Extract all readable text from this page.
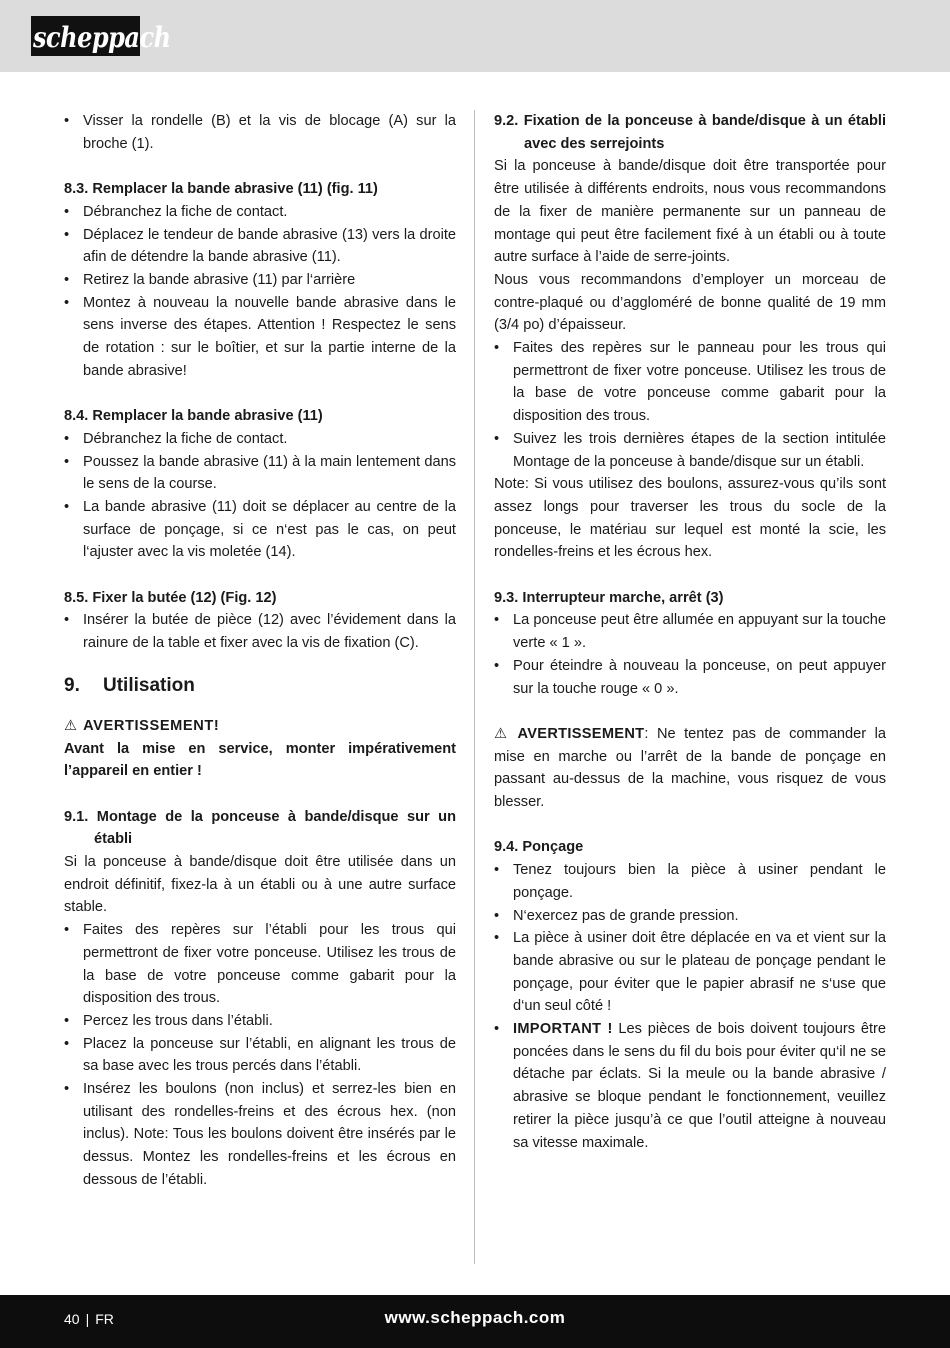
scheppach

• Visser la rondelle (B) et la vis de blocage (A) sur la broche (1).

8.3. Remplacer la bande abrasive (11) (fig. 11)

• Débranchez la fiche de contact.

• Déplacez le tendeur de bande abrasive (13) vers la droite afin de détendre la bande abrasive (11).

• Retirez la bande abrasive (11) par l‘arrière

• Montez à nouveau la nouvelle bande abrasive dans le sens inverse des étapes. Attention ! Respectez le sens de rotation : sur le boîtier, et sur la partie interne de la bande abrasive!

8.4. Remplacer la bande abrasive (11)

• Débranchez la fiche de contact.

• Poussez la bande abrasive (11) à la main lentement dans le sens de la course.

• La bande abrasive (11) doit se déplacer au centre de la surface de ponçage, si ce n‘est pas le cas, on peut l‘ajuster avec la vis moletée (14).

8.5. Fixer la butée (12) (Fig. 12)

• Insérer la butée de pièce (12) avec l’évidement dans la rainure de la table et fixer avec la vis de fixation (C).

9. Utilisation

⚠ AVERTISSEMENT!

Avant la mise en service, monter impérativement l’appareil en entier !

9.1. Montage de la ponceuse à bande/disque sur un établi

Si la ponceuse à bande/disque doit être utilisée dans un endroit définitif, fixez-la à un établi ou à une autre surface stable.

• Faites des repères sur l’établi pour les trous qui permettront de fixer votre ponceuse. Utilisez les trous de la base de votre ponceuse comme gabarit pour la disposition des trous.

• Percez les trous dans l’établi.

• Placez la ponceuse sur l’établi, en alignant les trous de sa base avec les trous percés dans l’établi.

• Insérez les boulons (non inclus) et serrez-les bien en utilisant des rondelles-freins et des écrous hex. (non inclus). Note: Tous les boulons doivent être insérés par le dessus. Montez les rondelles-freins et les écrous en dessous de l’établi.

9.2. Fixation de la ponceuse à bande/disque à un établi avec des serrejoints

Si la ponceuse à bande/disque doit être transportée pour être utilisée à différents endroits, nous vous recommandons de la fixer de manière permanente sur un panneau de montage qui peut être facilement fixé à un établi ou à toute autre surface à l’aide de serre-joints.

Nous vous recommandons d’employer un morceau de contre-plaqué ou d’aggloméré de bonne qualité de 19 mm (3/4 po) d’épaisseur.

• Faites des repères sur le panneau pour les trous qui permettront de fixer votre ponceuse. Utilisez les trous de la base de votre ponceuse comme gabarit pour la disposition des trous.

• Suivez les trois dernières étapes de la section intitulée Montage de la ponceuse à bande/disque sur un établi.

Note: Si vous utilisez des boulons, assurez-vous qu’ils sont assez longs pour traverser les trous du socle de la ponceuse, le matériau sur lequel est monté la scie, les rondelles-freins et les écrous hex.

9.3. Interrupteur marche, arrêt (3)

• La ponceuse peut être allumée en appuyant sur la touche verte « 1 ».

• Pour éteindre à nouveau la ponceuse, on peut appuyer sur la touche rouge « 0 ».

⚠ AVERTISSEMENT: Ne tentez pas de commander la mise en marche ou l’arrêt de la bande de ponçage en passant au-dessus de la machine, vous risquez de vous blesser.

9.4. Ponçage

• Tenez toujours bien la pièce à usiner pendant le ponçage.

• N‘exercez pas de grande pression.

• La pièce à usiner doit être déplacée en va et vient sur la bande abrasive ou sur le plateau de ponçage pendant le ponçage, pour éviter que le papier abrasif ne s‘use que d‘un seul côté !

• IMPORTANT ! Les pièces de bois doivent toujours être poncées dans le sens du fil du bois pour éviter qu‘il ne se détache par éclats. Si la meule ou la bande abrasive / abrasive se bloque pendant le fonctionnement, veuillez retirer la pièce jusqu’à ce que l’outil atteigne à nouveau sa vitesse maximale.

40 | FR	www.scheppach.com
